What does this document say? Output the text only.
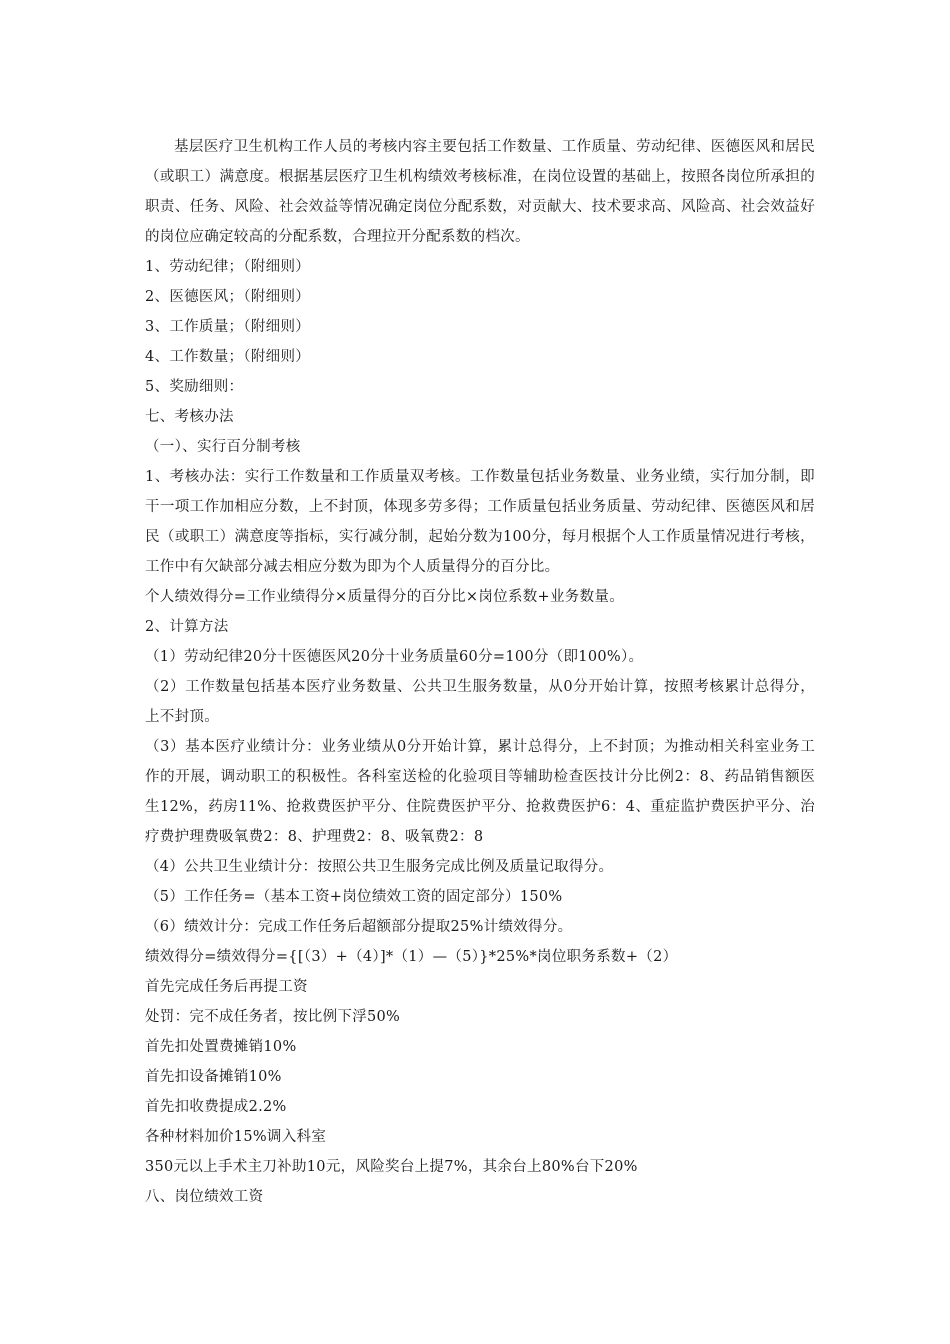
基层医疗卫生机构工作人员的考核内容主要包括工作数量、工作质量、劳动纪律、医德医风和居民（或职工）满意度。根据基层医疗卫生机构绩效考核标准，在岗位设置的基础上，按照各岗位所承担的职责、任务、风险、社会效益等情况确定岗位分配系数，对贡献大、技术要求高、风险高、社会效益好的岗位应确定较高的分配系数，合理拉开分配系数的档次。

1、劳动纪律；（附细则）

2、医德医风；（附细则）

3、工作质量；（附细则）

4、工作数量；（附细则）

5、奖励细则：

七、考核办法

（一）、实行百分制考核

1、考核办法：实行工作数量和工作质量双考核。工作数量包括业务数量、业务业绩，实行加分制，即干一项工作加相应分数，上不封顶，体现多劳多得；工作质量包括业务质量、劳动纪律、医德医风和居民（或职工）满意度等指标，实行减分制，起始分数为100分，每月根据个人工作质量情况进行考核，工作中有欠缺部分减去相应分数为即为个人质量得分的百分比。

个人绩效得分=工作业绩得分×质量得分的百分比×岗位系数+业务数量。

2、计算方法

（1）劳动纪律20分十医德医风20分十业务质量60分=100分（即100%）。

（2）工作数量包括基本医疗业务数量、公共卫生服务数量，从0分开始计算，按照考核累计总得分，上不封顶。

（3）基本医疗业绩计分：业务业绩从0分开始计算，累计总得分，上不封顶；为推动相关科室业务工作的开展，调动职工的积极性。各科室送检的化验项目等辅助检查医技计分比例2：8、药品销售额医生12%，药房11%、抢救费医护平分、住院费医护平分、抢救费医护6：4、重症监护费医护平分、治疗费护理费吸氧费2：8、护理费2：8、吸氧费2：8

（4）公共卫生业绩计分：按照公共卫生服务完成比例及质量记取得分。

（5）工作任务=（基本工资+岗位绩效工资的固定部分）150%

（6）绩效计分：完成工作任务后超额部分提取25%计绩效得分。

绩效得分=绩效得分={[（3）+（4）]*（1）—（5）}*25%*岗位职务系数+（2）

首先完成任务后再提工资

处罚：完不成任务者，按比例下浮50%

首先扣处置费摊销10%

首先扣设备摊销10%

首先扣收费提成2.2%

各种材料加价15%调入科室

350元以上手术主刀补助10元，风险奖台上提7%，其余台上80%台下20%

八、岗位绩效工资
